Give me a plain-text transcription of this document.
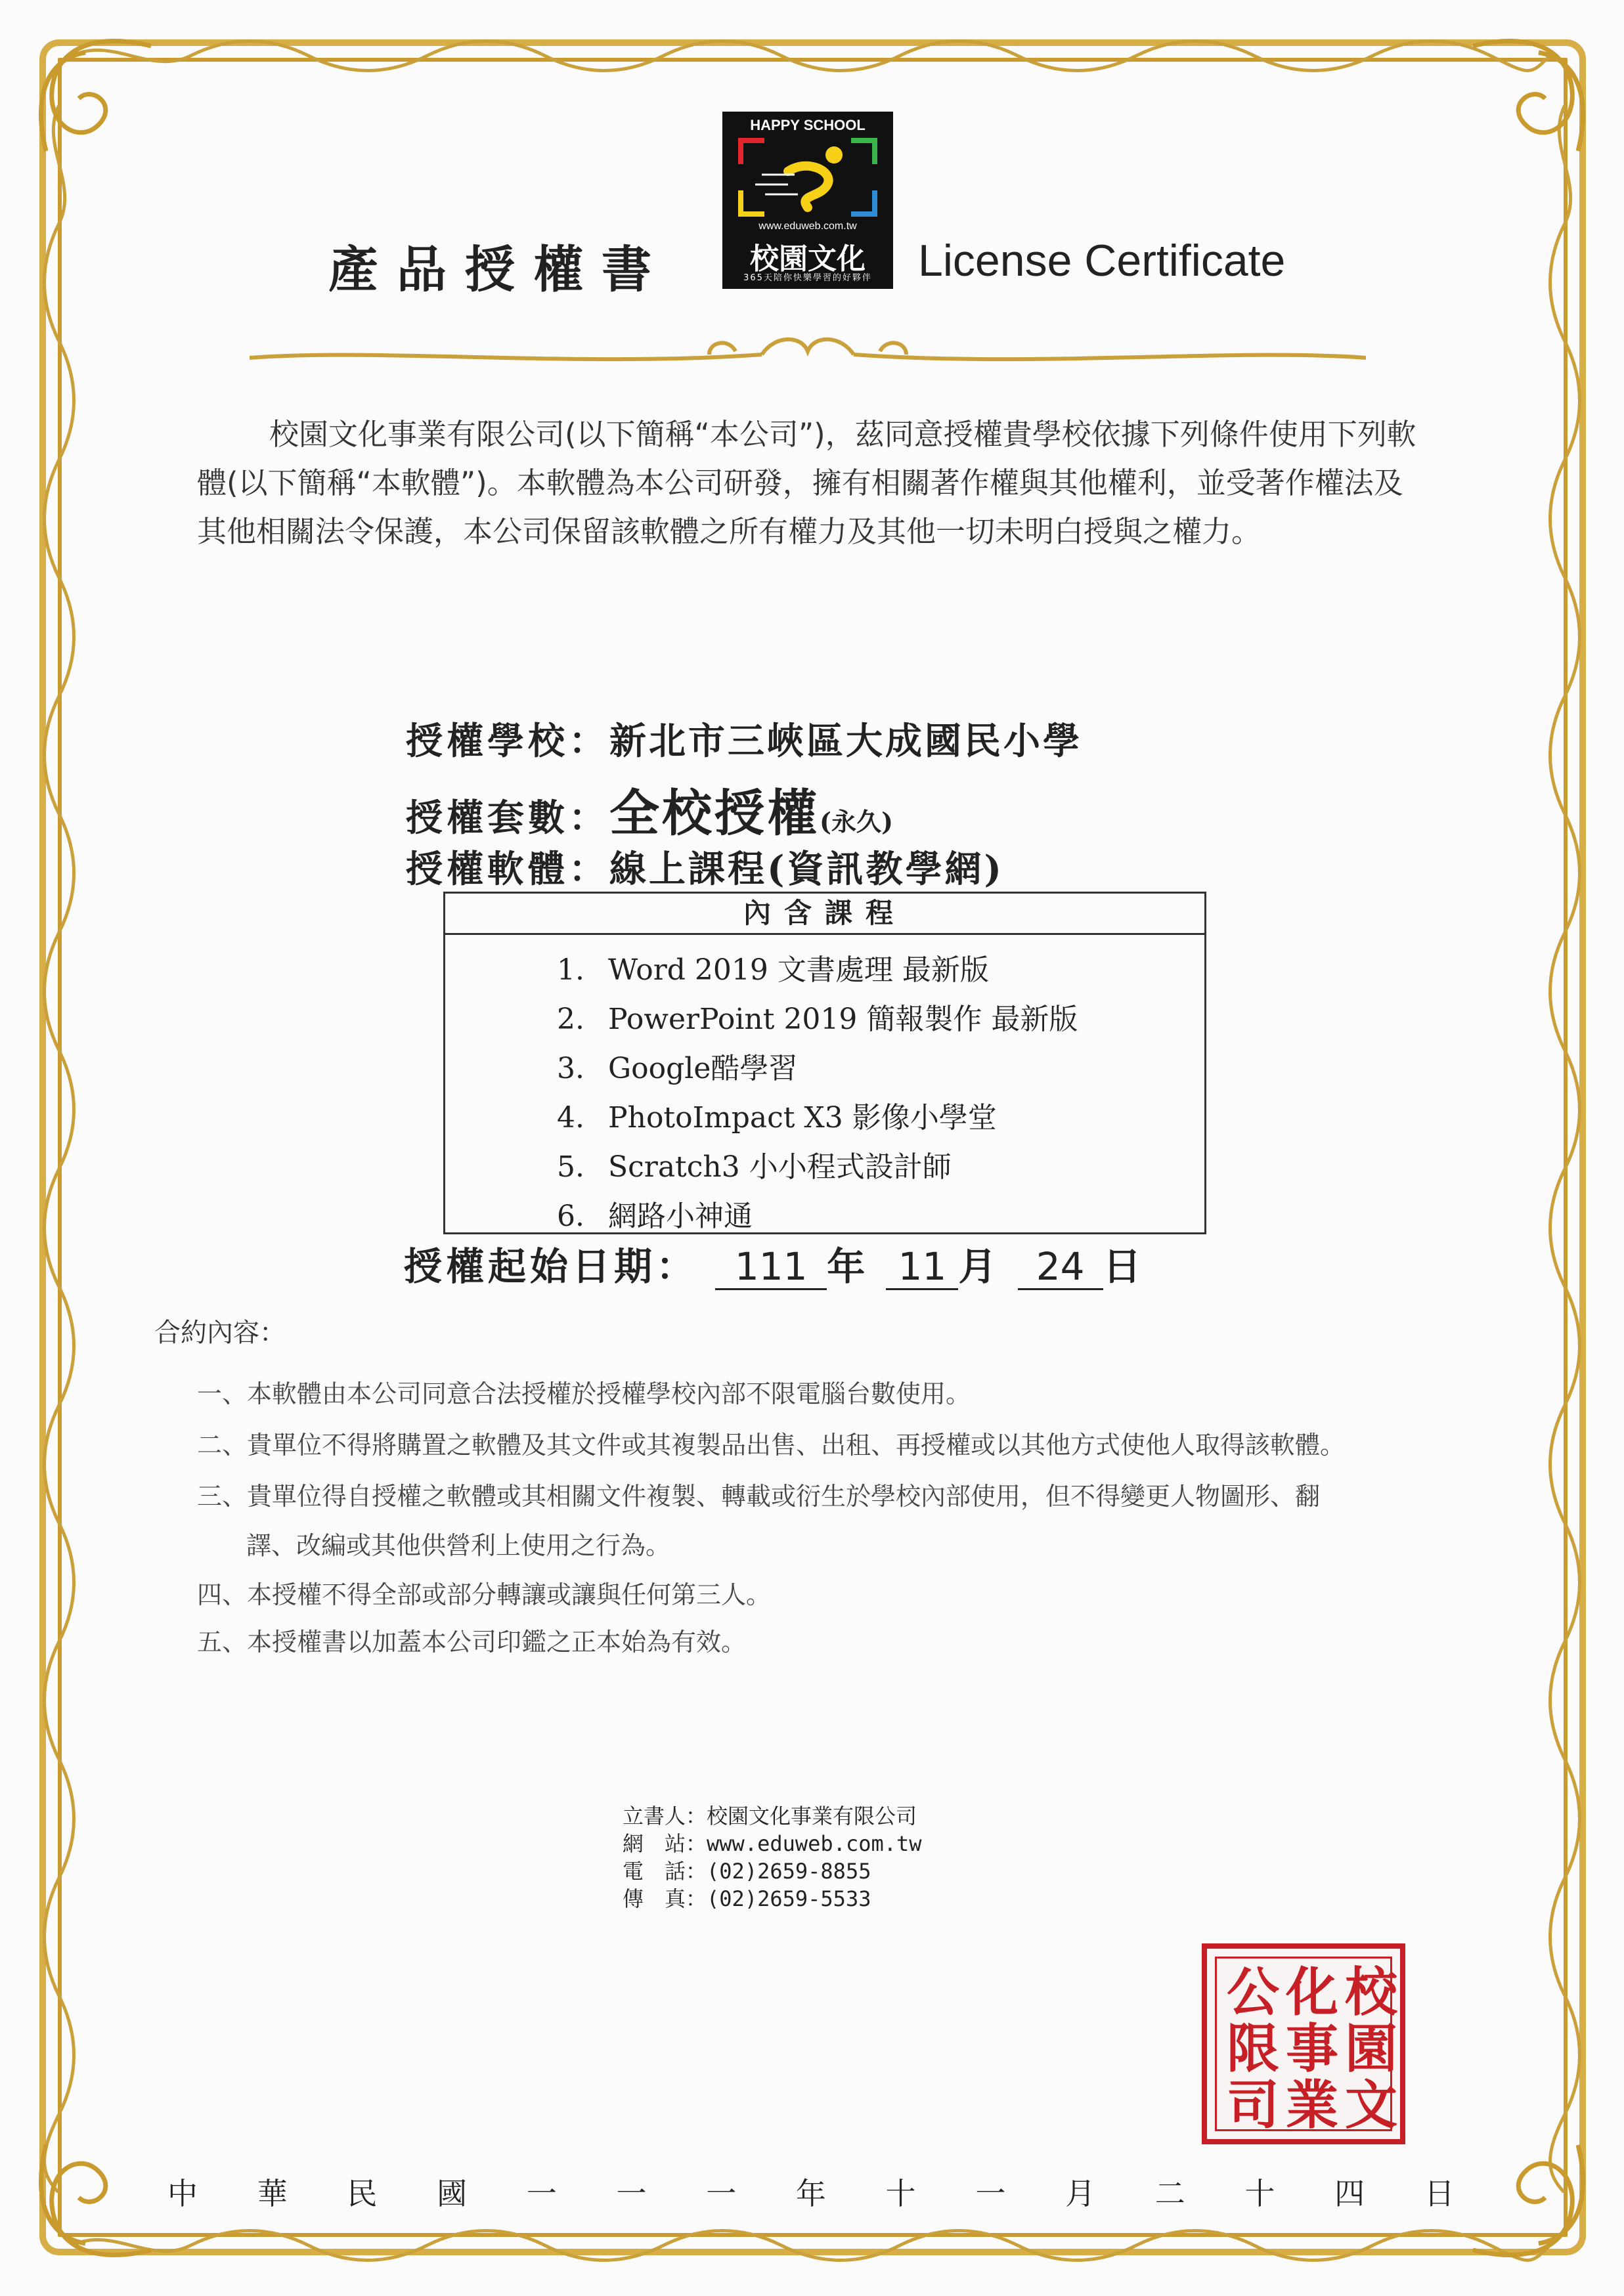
HAPPY SCHOOL
www.eduweb.com.tw
校園文化
365天陪你快樂學習的好夥伴
產品授權書	License Certificate
校園文化事業有限公司(以下簡稱“本公司”)，茲同意授權貴學校依據下列條件使用下列軟體(以下簡稱“本軟體”)。本軟體為本公司研發，擁有相關著作權與其他權利，並受著作權法及其他相關法令保護，本公司保留該軟體之所有權力及其他一切未明白授與之權力。
授權學校：新北市三峽區大成國民小學
授權套數：全校授權(永久)
授權軟體：線上課程(資訊教學網)
內含課程
1. Word 2019 文書處理 最新版
2. PowerPoint 2019 簡報製作 最新版
3. Google酷學習
4. PhotoImpact X3 影像小學堂
5. Scratch3 小小程式設計師
6. 網路小神通
授權起始日期： 111 年 11 月 24 日
合約內容：
一、本軟體由本公司同意合法授權於授權學校內部不限電腦台數使用。
二、貴單位不得將購置之軟體及其文件或其複製品出售、出租、再授權或以其他方式使他人取得該軟體。
三、貴單位得自授權之軟體或其相關文件複製、轉載或衍生於學校內部使用，但不得變更人物圖形、翻
譯、改編或其他供營利上使用之行為。
四、本授權不得全部或部分轉讓或讓與任何第三人。
五、本授權書以加蓋本公司印鑑之正本始為有效。
立書人：校園文化事業有限公司
網　站：www.eduweb.com.tw
電　話：(02)2659-8855
傳　真：(02)2659-5533
校
化
公
園
事
限
文
業
司
中 華 民 國 一 一 一 年 十 一 月 二 十 四 日
